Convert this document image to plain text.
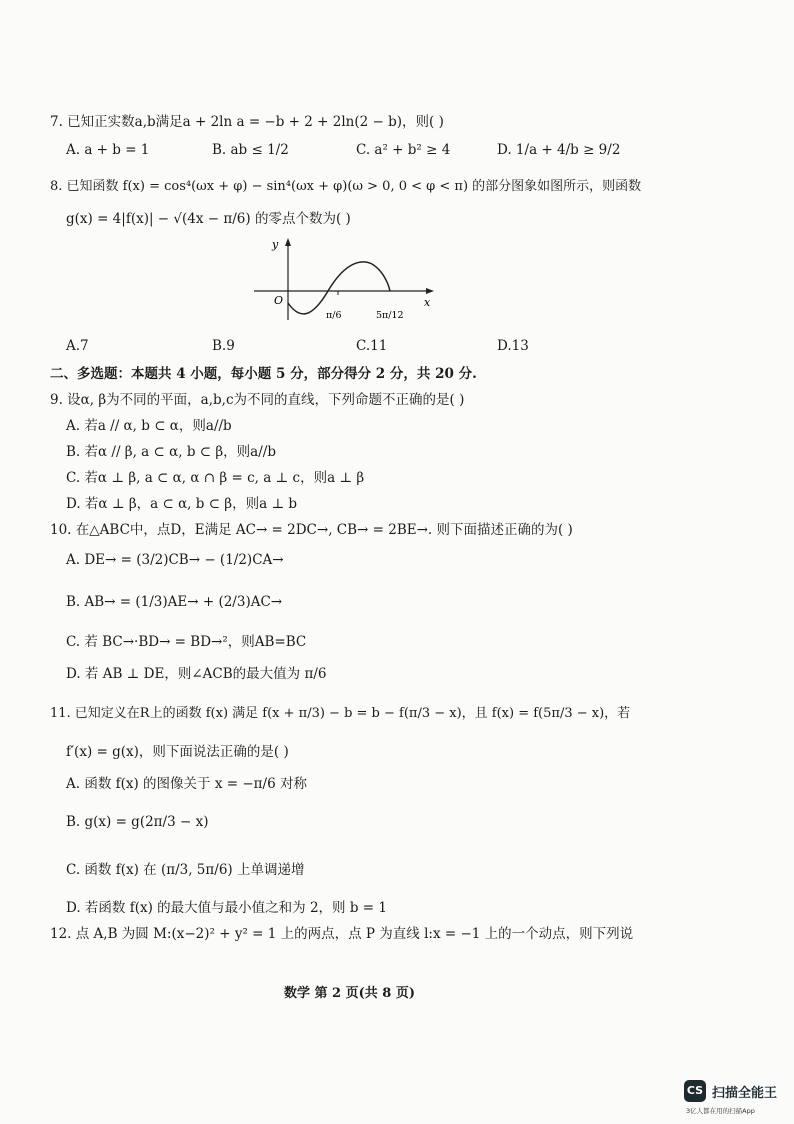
7. 已知正实数a,b满足a + 2ln a = −b + 2 + 2ln(2 − b)，则( )
A. a + b = 1	B. ab ≤ 1/2	C. a² + b² ≥ 4	D. 1/a + 4/b ≥ 9/2
8. 已知函数 f(x) = cos⁴(ωx + φ) − sin⁴(ωx + φ)(ω > 0, 0 < φ < π) 的部分图象如图所示，则函数
g(x) = 4|f(x)| − √(4x − π/6) 的零点个数为( )
y
O	x
π/6	5π/12
A.7	B.9	C.11	D.13
二、多选题：本题共 4 小题，每小题 5 分，部分得分 2 分，共 20 分.
9. 设α, β为不同的平面，a,b,c为不同的直线，下列命题不正确的是( )
A. 若a // α, b ⊂ α，则a//b
B. 若α // β, a ⊂ α, b ⊂ β，则a//b
C. 若α ⊥ β, a ⊂ α, α ∩ β = c, a ⊥ c，则a ⊥ β
D. 若α ⊥ β，a ⊂ α, b ⊂ β，则a ⊥ b
10. 在△ABC中，点D，E满足 AC→ = 2DC→, CB→ = 2BE→. 则下面描述正确的为( )
A. DE→ = (3/2)CB→ − (1/2)CA→
B. AB→ = (1/3)AE→ + (2/3)AC→
C. 若 BC→·BD→ = BD→²，则AB=BC
D. 若 AB ⊥ DE，则∠ACB的最大值为 π/6
11. 已知定义在R上的函数 f(x) 满足 f(x + π/3) − b = b − f(π/3 − x)，且 f(x) = f(5π/3 − x)，若
f′(x) = g(x)，则下面说法正确的是( )
A. 函数 f(x) 的图像关于 x = −π/6 对称
B. g(x) = g(2π/3 − x)
C. 函数 f(x) 在 (π/3, 5π/6) 上单调递增
D. 若函数 f(x) 的最大值与最小值之和为 2，则 b = 1
12. 点 A,B 为圆 M:(x−2)² + y² = 1 上的两点，点 P 为直线 l:x = −1 上的一个动点，则下列说
数学 第 2 页(共 8 页)
CS 扫描全能王
3亿人都在用的扫描App
